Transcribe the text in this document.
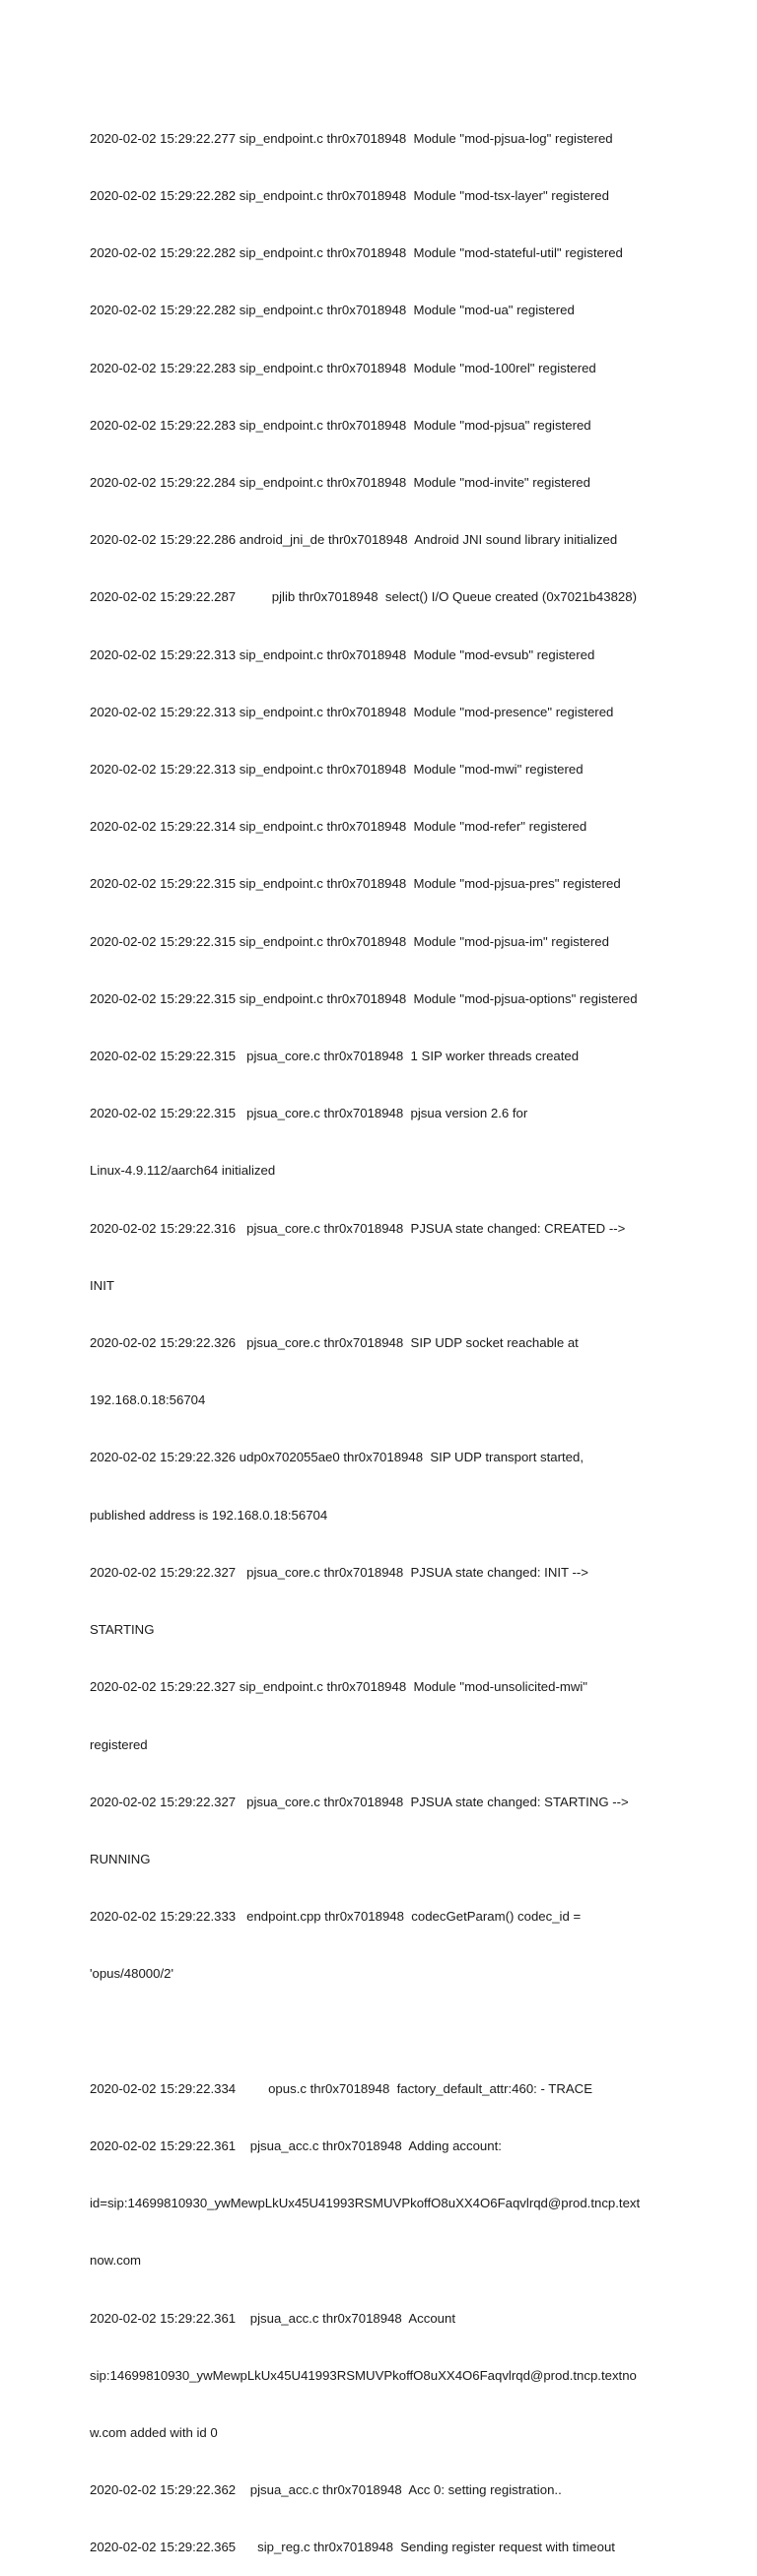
2020-02-02 15:29:22.277 sip_endpoint.c thr0x7018948  Module "mod-pjsua-log" registered

2020-02-02 15:29:22.282 sip_endpoint.c thr0x7018948  Module "mod-tsx-layer" registered

2020-02-02 15:29:22.282 sip_endpoint.c thr0x7018948  Module "mod-stateful-util" registered

2020-02-02 15:29:22.282 sip_endpoint.c thr0x7018948  Module "mod-ua" registered

2020-02-02 15:29:22.283 sip_endpoint.c thr0x7018948  Module "mod-100rel" registered

2020-02-02 15:29:22.283 sip_endpoint.c thr0x7018948  Module "mod-pjsua" registered

2020-02-02 15:29:22.284 sip_endpoint.c thr0x7018948  Module "mod-invite" registered

2020-02-02 15:29:22.286 android_jni_de thr0x7018948  Android JNI sound library initialized

2020-02-02 15:29:22.287          pjlib thr0x7018948  select() I/O Queue created (0x7021b43828)

2020-02-02 15:29:22.313 sip_endpoint.c thr0x7018948  Module "mod-evsub" registered

2020-02-02 15:29:22.313 sip_endpoint.c thr0x7018948  Module "mod-presence" registered

2020-02-02 15:29:22.313 sip_endpoint.c thr0x7018948  Module "mod-mwi" registered

2020-02-02 15:29:22.314 sip_endpoint.c thr0x7018948  Module "mod-refer" registered

2020-02-02 15:29:22.315 sip_endpoint.c thr0x7018948  Module "mod-pjsua-pres" registered

2020-02-02 15:29:22.315 sip_endpoint.c thr0x7018948  Module "mod-pjsua-im" registered

2020-02-02 15:29:22.315 sip_endpoint.c thr0x7018948  Module "mod-pjsua-options" registered

2020-02-02 15:29:22.315   pjsua_core.c thr0x7018948  1 SIP worker threads created

2020-02-02 15:29:22.315   pjsua_core.c thr0x7018948  pjsua version 2.6 for

Linux-4.9.112/aarch64 initialized

2020-02-02 15:29:22.316   pjsua_core.c thr0x7018948  PJSUA state changed: CREATED -->

INIT

2020-02-02 15:29:22.326   pjsua_core.c thr0x7018948  SIP UDP socket reachable at

192.168.0.18:56704

2020-02-02 15:29:22.326 udp0x702055ae0 thr0x7018948  SIP UDP transport started,

published address is 192.168.0.18:56704

2020-02-02 15:29:22.327   pjsua_core.c thr0x7018948  PJSUA state changed: INIT -->

STARTING

2020-02-02 15:29:22.327 sip_endpoint.c thr0x7018948  Module "mod-unsolicited-mwi"

registered

2020-02-02 15:29:22.327   pjsua_core.c thr0x7018948  PJSUA state changed: STARTING -->

RUNNING

2020-02-02 15:29:22.333   endpoint.cpp thr0x7018948  codecGetParam() codec_id =

'opus/48000/2'

2020-02-02 15:29:22.334         opus.c thr0x7018948  factory_default_attr:460: - TRACE

2020-02-02 15:29:22.361    pjsua_acc.c thr0x7018948  Adding account:

id=sip:14699810930_ywMewpLkUx45U41993RSMUVPkoffO8uXX4O6Faqvlrqd@prod.tncp.text

now.com

2020-02-02 15:29:22.361    pjsua_acc.c thr0x7018948  Account

sip:14699810930_ywMewpLkUx45U41993RSMUVPkoffO8uXX4O6Faqvlrqd@prod.tncp.textno

w.com added with id 0

2020-02-02 15:29:22.362    pjsua_acc.c thr0x7018948  Acc 0: setting registration..

2020-02-02 15:29:22.365      sip_reg.c thr0x7018948  Sending register request with timeout
